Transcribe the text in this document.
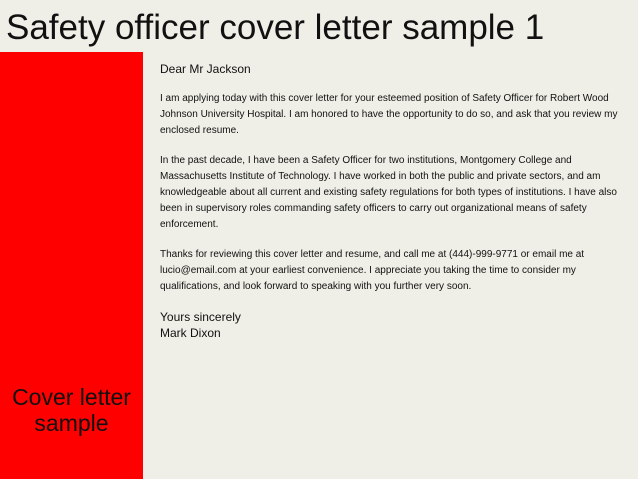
Safety officer cover letter sample 1
Cover letter sample
Dear Mr Jackson

I am applying today with this cover letter for your esteemed position of Safety Officer for Robert Wood Johnson University Hospital. I am honored to have the opportunity to do so, and ask that you review my enclosed resume.

In the past decade, I have been a Safety Officer for two institutions, Montgomery College and Massachusetts Institute of Technology. I have worked in both the public and private sectors, and am knowledgeable about all current and existing safety regulations for both types of institutions. I have also been in supervisory roles commanding safety officers to carry out organizational means of safety enforcement.

Thanks for reviewing this cover letter and resume, and call me at (444)-999-9771 or email me at lucio@email.com at your earliest convenience. I appreciate you taking the time to consider my qualifications, and look forward to speaking with you further very soon.

Yours sincerely
Mark Dixon
